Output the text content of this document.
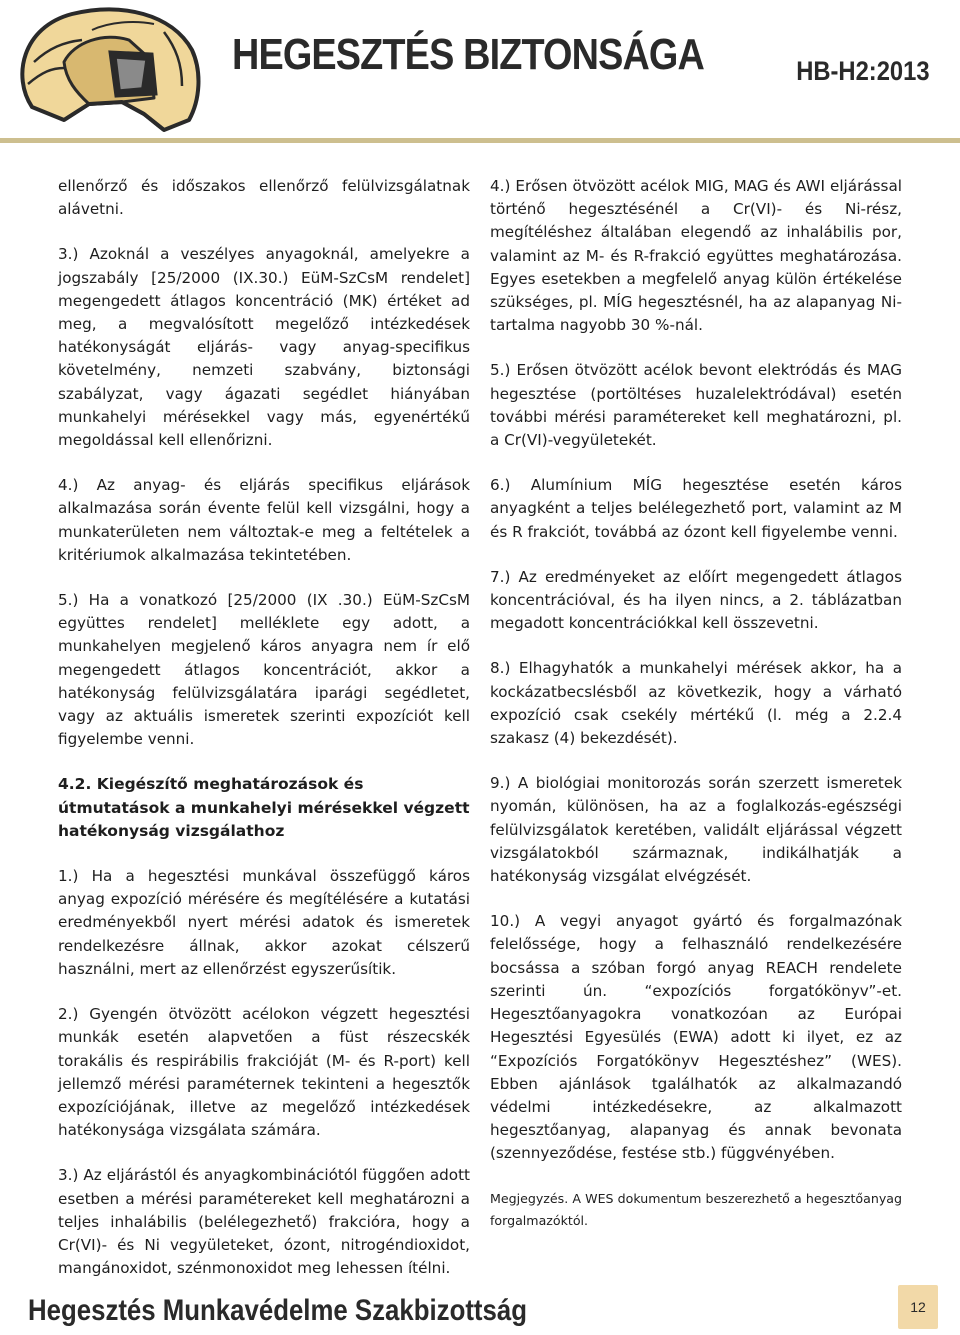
HEGESZTÉS BIZTONSÁGA	HB-H2:2013

ellenőrző és időszakos ellenőrző felülvizsgálatnak alávetni.

3.) Azoknál a veszélyes anyagoknál, amelyekre a jogszabály [25/2000 (IX.30.) EüM-SzCsM rendelet] megengedett átlagos koncentráció (MK) értéket ad meg, a megvalósított megelőző intézkedések hatékonyságát eljárás- vagy anyag-specifikus követelmény, nemzeti szabvány, biztonsági szabályzat, vagy ágazati segédlet hiányában munkahelyi mérésekkel vagy más, egyenértékű megoldással kell ellenőrizni.

4.) Az anyag- és eljárás specifikus eljárások alkalmazása során évente felül kell vizsgálni, hogy a munkaterületen nem változtak-e meg a feltételek a kritériumok alkalmazása tekintetében.

5.) Ha a vonatkozó [25/2000 (IX .30.) EüM-SzCsM együttes rendelet] melléklete egy adott, a munkahelyen megjelenő káros anyagra nem ír elő megengedett átlagos koncentrációt, akkor a hatékonyság felülvizsgálatára iparági segédletet, vagy az aktuális ismeretek szerinti expozíciót kell figyelembe venni.

4.2. Kiegészítő meghatározások és útmutatások a munkahelyi mérésekkel végzett hatékonyság vizsgálathoz

1.) Ha a hegesztési munkával összefüggő káros anyag expozíció mérésére és megítélésére a kutatási eredményekből nyert mérési adatok és ismeretek rendelkezésre állnak, akkor azokat célszerű használni, mert az ellenőrzést egyszerűsítik.

2.) Gyengén ötvözött acélokon végzett hegesztési munkák esetén alapvetően a füst részecskék torakális és respirábilis frakcióját (M- és R-port) kell jellemző mérési paraméternek tekinteni a hegesztők expozíciójának, illetve az megelőző intézkedések hatékonysága vizsgálata számára.

3.) Az eljárástól és anyagkombinációtól függően adott esetben a mérési paramétereket kell meghatározni a teljes inhalábilis (belélegezhető) frakcióra, hogy a Cr(VI)- és Ni vegyületeket, ózont, nitrogéndioxidot, mangánoxidot, szénmonoxidot meg lehessen ítélni.

4.) Erősen ötvözött acélok MIG, MAG és AWI eljárással történő hegesztésénél a Cr(VI)- és Ni-rész, megítéléshez általában elegendő az inhalábilis por, valamint az M- és R-frakció együttes meghatározása. Egyes esetekben a megfelelő anyag külön értékelése szükséges, pl. MÍG hegesztésnél, ha az alapanyag Ni-tartalma nagyobb 30 %-nál.

5.) Erősen ötvözött acélok bevont elektródás és MAG hegesztése (portöltéses huzalelektródával) esetén további mérési paramétereket kell meghatározni, pl. a Cr(VI)-vegyületekét.

6.) Alumínium MÍG hegesztése esetén káros anyagként a teljes belélegezhető port, valamint az M és R frakciót, továbbá az ózont kell figyelembe venni.

7.) Az eredményeket az előírt megengedett átlagos koncentrációval, és ha ilyen nincs, a 2. táblázatban megadott koncentrációkkal kell összevetni.

8.) Elhagyhatók a munkahelyi mérések akkor, ha a kockázatbecslésből az következik, hogy a várható expozíció csak csekély mértékű (l. még a 2.2.4 szakasz (4) bekezdését).

9.) A biológiai monitorozás során szerzett ismeretek nyomán, különösen, ha az a foglalkozás-egészségi felülvizsgálatok keretében, validált eljárással végzett vizsgálatokból származnak, indikálhatják a hatékonyság vizsgálat elvégzését.

10.) A vegyi anyagot gyártó és forgalmazónak felelőssége, hogy a felhasználó rendelkezésére bocsássa a szóban forgó anyag REACH rendelete szerinti ún. “expozíciós forgatókönyv”-et. Hegesztőanyagokra vonatkozóan az Európai Hegesztési Egyesülés (EWA) adott ki ilyet, ez az “Expozíciós Forgatókönyv Hegesztéshez” (WES). Ebben ajánlások tgalálhatók az alkalmazandó védelmi intézkedésekre, az alkalmazott hegesztőanyag, alapanyag és annak bevonata (szennyeződése, festése stb.) függvényében.

Megjegyzés. A WES dokumentum beszerezhető a hegesztőanyag forgalmazóktól.

Hegesztés Munkavédelme Szakbizottság	12
